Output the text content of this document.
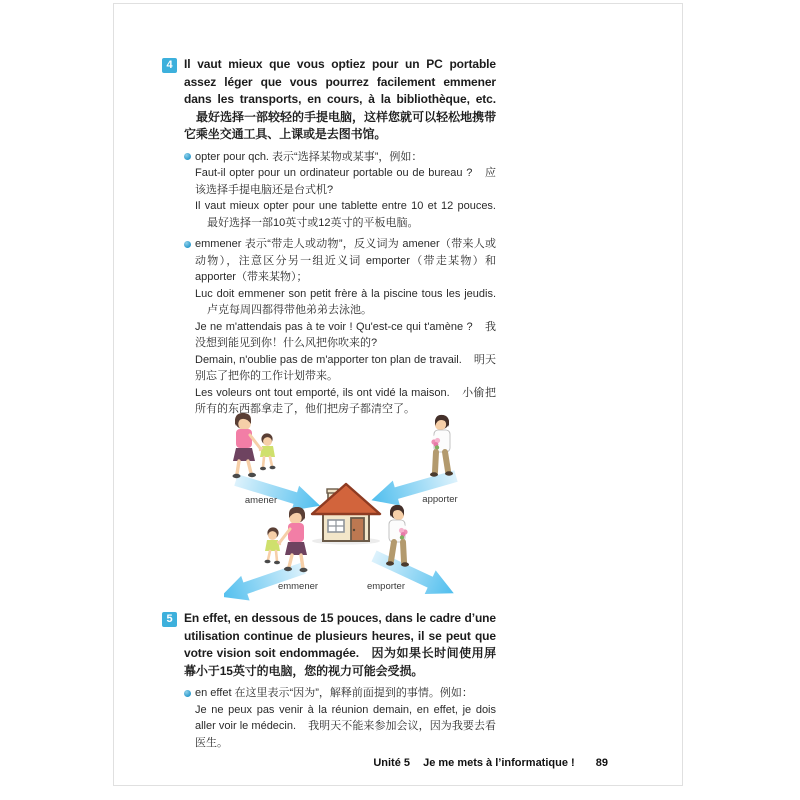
4 Il vaut mieux que vous optiez pour un PC portable assez léger que vous pourrez facilement emmener dans les transports, en cours, à la bibliothèque, etc.最好选择一部较轻的手提电脑，这样您就可以轻松地携带它乘坐交通工具、上课或是去图书馆。
opter pour qch. 表示“选择某物或某事”，例如：
Faut-il opter pour un ordinateur portable ou de bureau ? 应该选择手提电脑还是台式机?
Il vaut mieux opter pour une tablette entre 10 et 12 pouces.最好选择一部10英寸或12英寸的平板电脑。
emmener 表示“带走人或动物”，反义词为 amener（带来人或动物），注意区分另一组近义词 emporter（带走某物）和 apporter（带来某物）；
Luc doit emmener son petit frère à la piscine tous les jeudis.卢克每周四都得带他弟弟去泳池。
Je ne m'attendais pas à te voir ! Qu'est-ce qui t'amène ? 我没想到能见到你！什么风把你吹来的?
Demain, n'oublie pas de m'apporter ton plan de travail. 明天别忘了把你的工作计划带来。
Les voleurs ont tout emporté, ils ont vidé la maison. 小偷把所有的东西都拿走了，他们把房子都清空了。
amener	apporter
emmener	emporter
5 En effet, en dessous de 15 pouces, dans le cadre d’une utilisation continue de plusieurs heures, il se peut que votre vision soit endommagée. 因为如果长时间使用屏幕小于15英寸的电脑，您的视力可能会受损。
en effet 在这里表示“因为”，解释前面提到的事情。例如：
Je ne peux pas venir à la réunion demain, en effet, je dois aller voir le médecin. 我明天不能来参加会议，因为我要去看医生。
Unité 5 Je me mets à l’informatique ! 89
